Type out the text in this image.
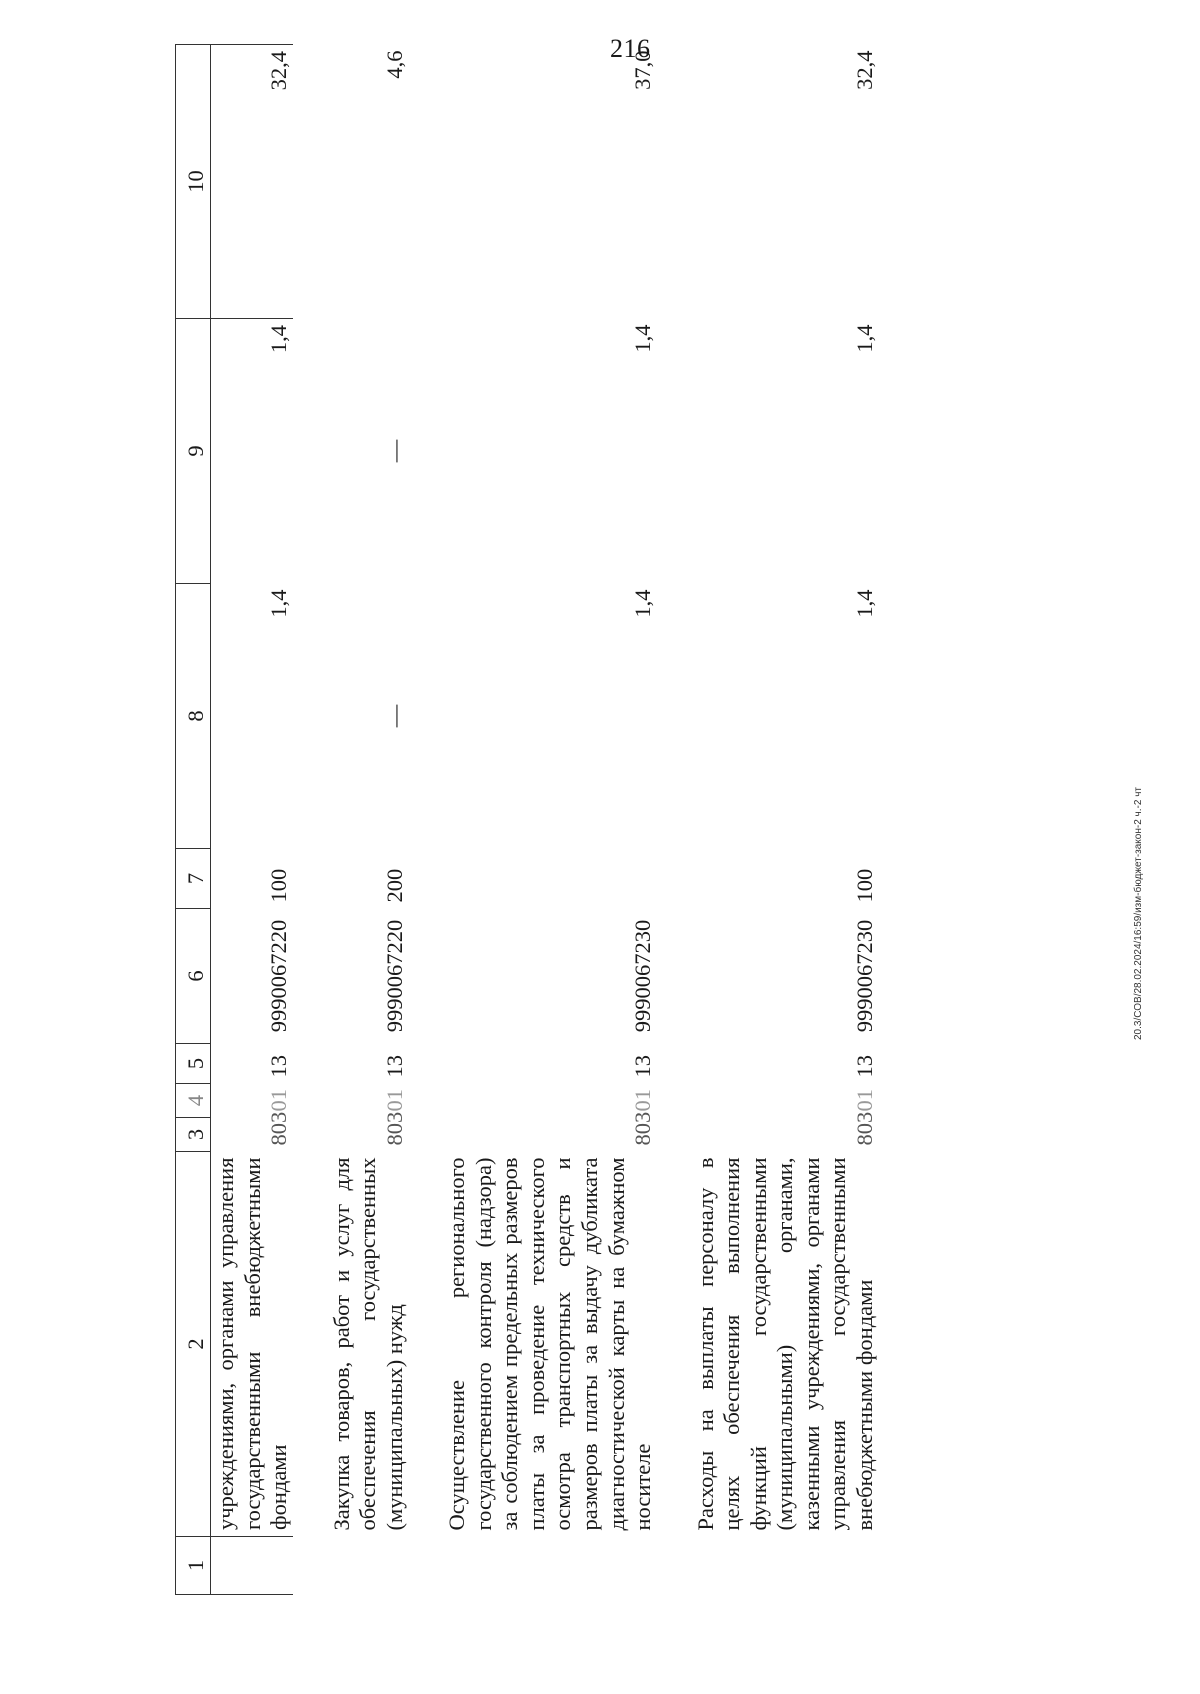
216
1	2	3	4	5	6	7	8	9	10
	учреждениями, органами управления государственными внебюджетными фондами	803	01	13	9990067220	100	1,4	1,4	32,4

	Закупка товаров, работ и услуг для обеспечения государственных (муниципальных) нужд	803	01	13	9990067220	200	—	—	4,6

	Осуществление регионального государственного контроля (надзора) за соблюдением предельных размеров платы за проведение технического осмотра транспортных средств и размеров платы за выдачу дубликата диагностической карты на бумажном носителе	803	01	13	9990067230		1,4	1,4	37,0

	Расходы на выплаты персоналу в целях обеспечения выполнения функций государственными (муниципальными) органами, казенными учреждениями, органами управления государственными внебюджетными фондами	803	01	13	9990067230	100	1,4	1,4	32,4
20.3/СОВ/28.02.2024/16:59/изм-бюджет-закон-2 ч.-2 чт
